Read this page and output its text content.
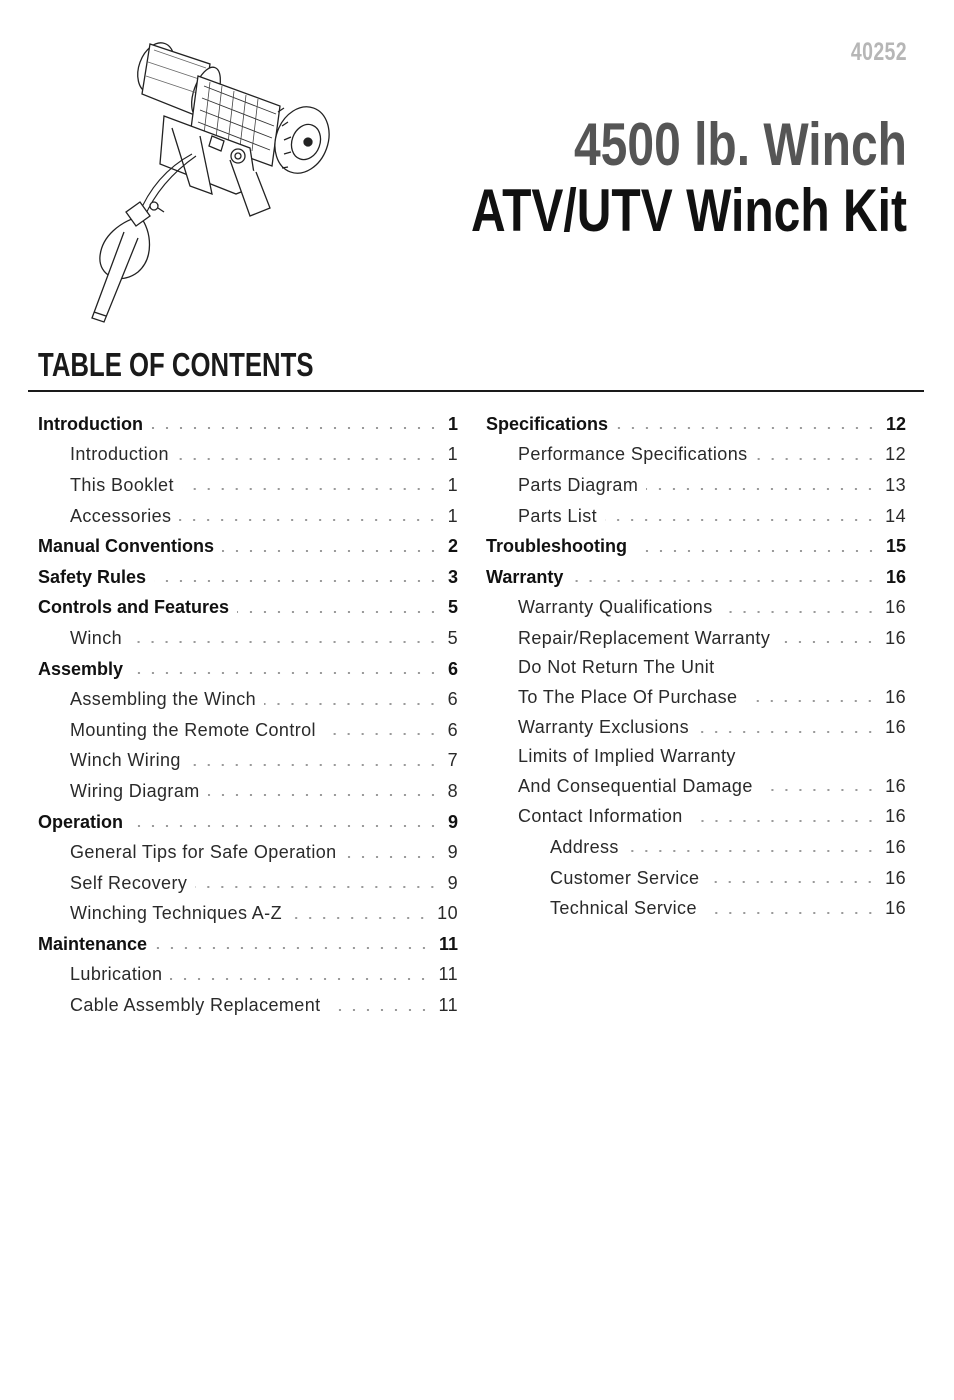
40252
4500 lb. Winch
ATV/UTV Winch Kit
TABLE OF CONTENTS
Introduction	1
Introduction	1
This Booklet	1
Accessories	1
Manual Conventions	2
Safety Rules	3
Controls and Features	5
Winch	5
Assembly	6
Assembling the Winch	6
Mounting the Remote Control	6
Winch Wiring	7
Wiring Diagram	8
Operation	9
General Tips for Safe Operation	9
Self Recovery	9
Winching Techniques A-Z	10
Maintenance	11
Lubrication	11
Cable Assembly Replacement	11
Specifications	12
Performance Specifications	12
Parts Diagram	13
Parts List	14
Troubleshooting	15
Warranty	16
Warranty Qualifications	16
Repair/Replacement Warranty	16
Do Not Return The Unit
To The Place Of Purchase	16
Warranty Exclusions	16
Limits of Implied Warranty
And Consequential Damage	16
Contact Information	16
Address	16
Customer Service	16
Technical Service	16
